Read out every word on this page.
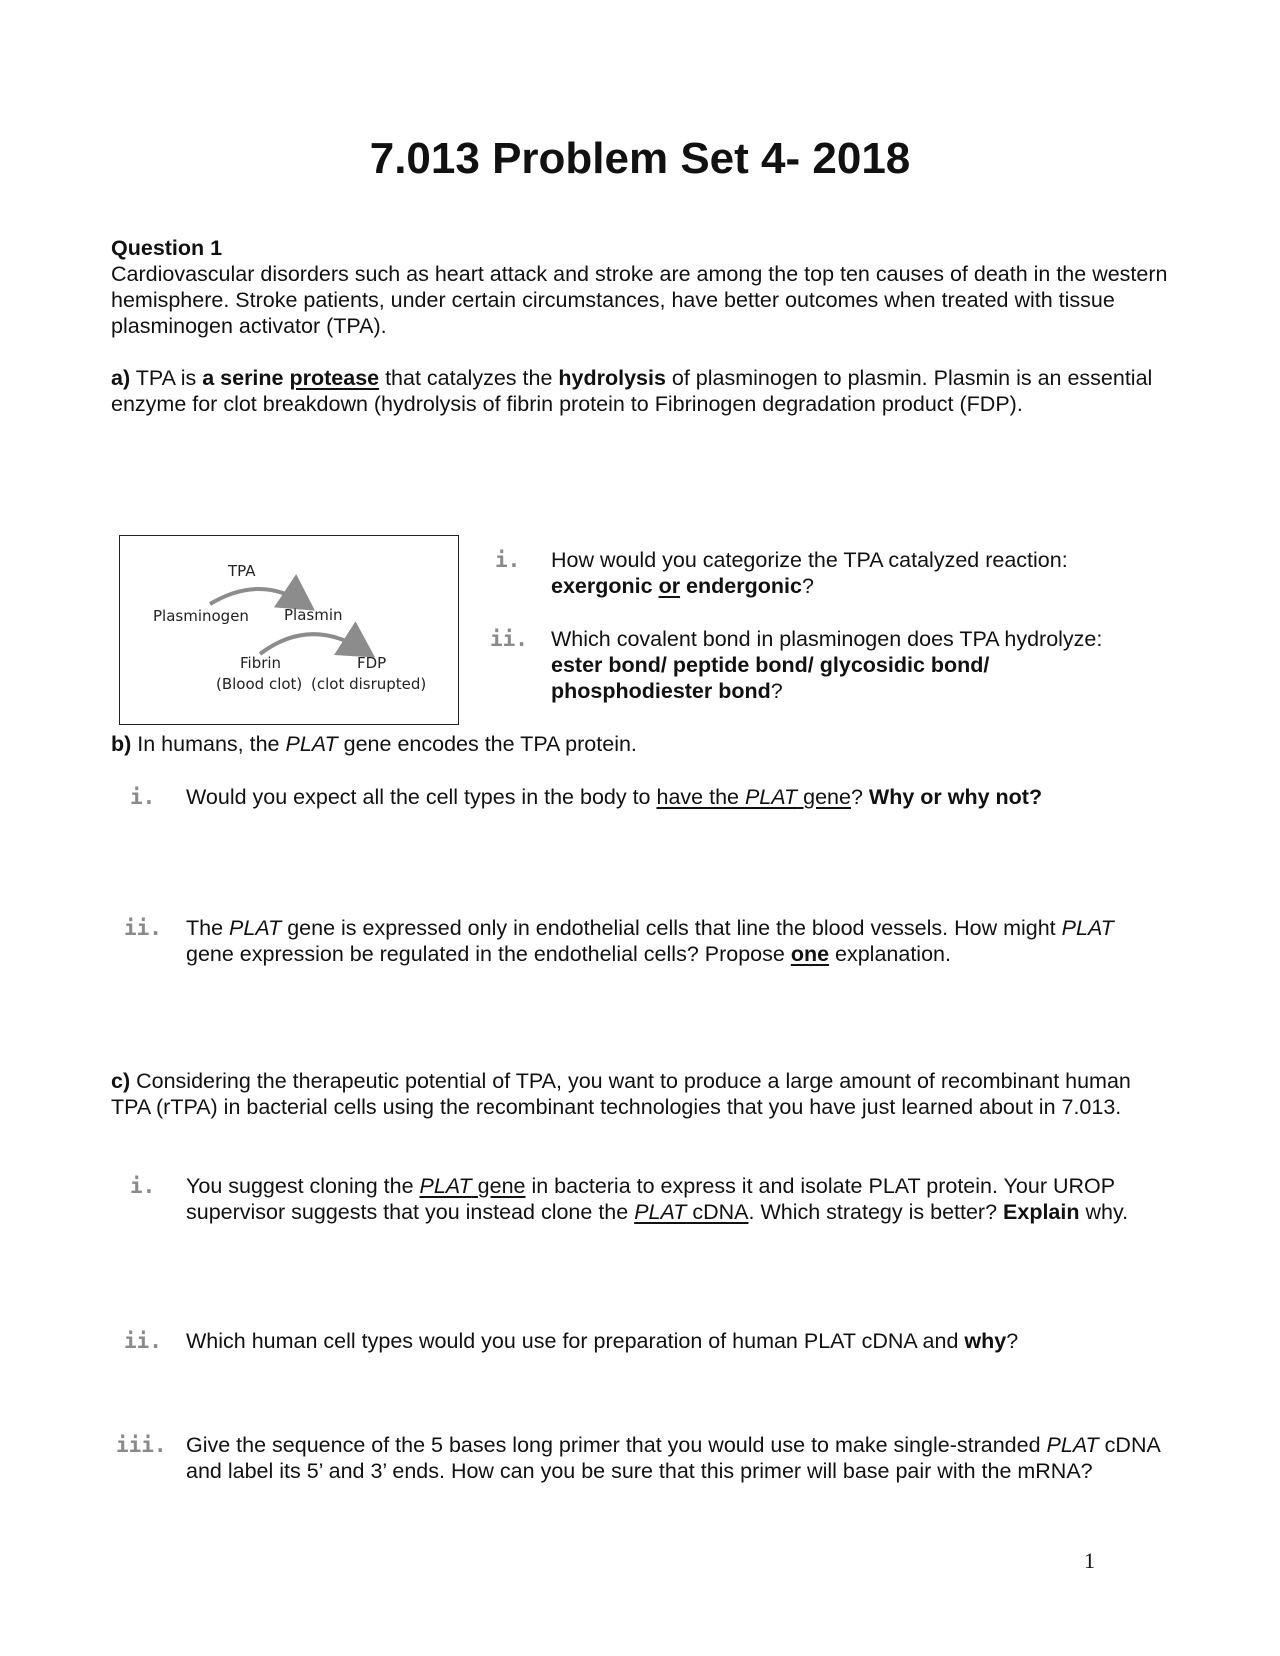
7.013 Problem Set 4- 2018

Question 1
Cardiovascular disorders such as heart attack and stroke are among the top ten causes of death in the western hemisphere. Stroke patients, under certain circumstances, have better outcomes when treated with tissue plasminogen activator (TPA).

a) TPA is a serine protease that catalyzes the hydrolysis of plasminogen to plasmin. Plasmin is an essential enzyme for clot breakdown (hydrolysis of fibrin protein to Fibrinogen degradation product (FDP).

TPA
Plasminogen Plasmin
Fibrin	FDP
(Blood clot) (clot disrupted)
i. How would you categorize the TPA catalyzed reaction: exergonic or endergonic?

ii. Which covalent bond in plasminogen does TPA hydrolyze: ester bond/ peptide bond/ glycosidic bond/ phosphodiester bond?

b) In humans, the PLAT gene encodes the TPA protein.

i. Would you expect all the cell types in the body to have the PLAT gene? Why or why not?

ii. The PLAT gene is expressed only in endothelial cells that line the blood vessels. How might PLAT gene expression be regulated in the endothelial cells? Propose one explanation.

c) Considering the therapeutic potential of TPA, you want to produce a large amount of recombinant human TPA (rTPA) in bacterial cells using the recombinant technologies that you have just learned about in 7.013.

i. You suggest cloning the PLAT gene in bacteria to express it and isolate PLAT protein. Your UROP supervisor suggests that you instead clone the PLAT cDNA. Which strategy is better? Explain why.

ii. Which human cell types would you use for preparation of human PLAT cDNA and why?

iii. Give the sequence of the 5 bases long primer that you would use to make single-stranded PLAT cDNA and label its 5’ and 3’ ends. How can you be sure that this primer will base pair with the mRNA?

1
